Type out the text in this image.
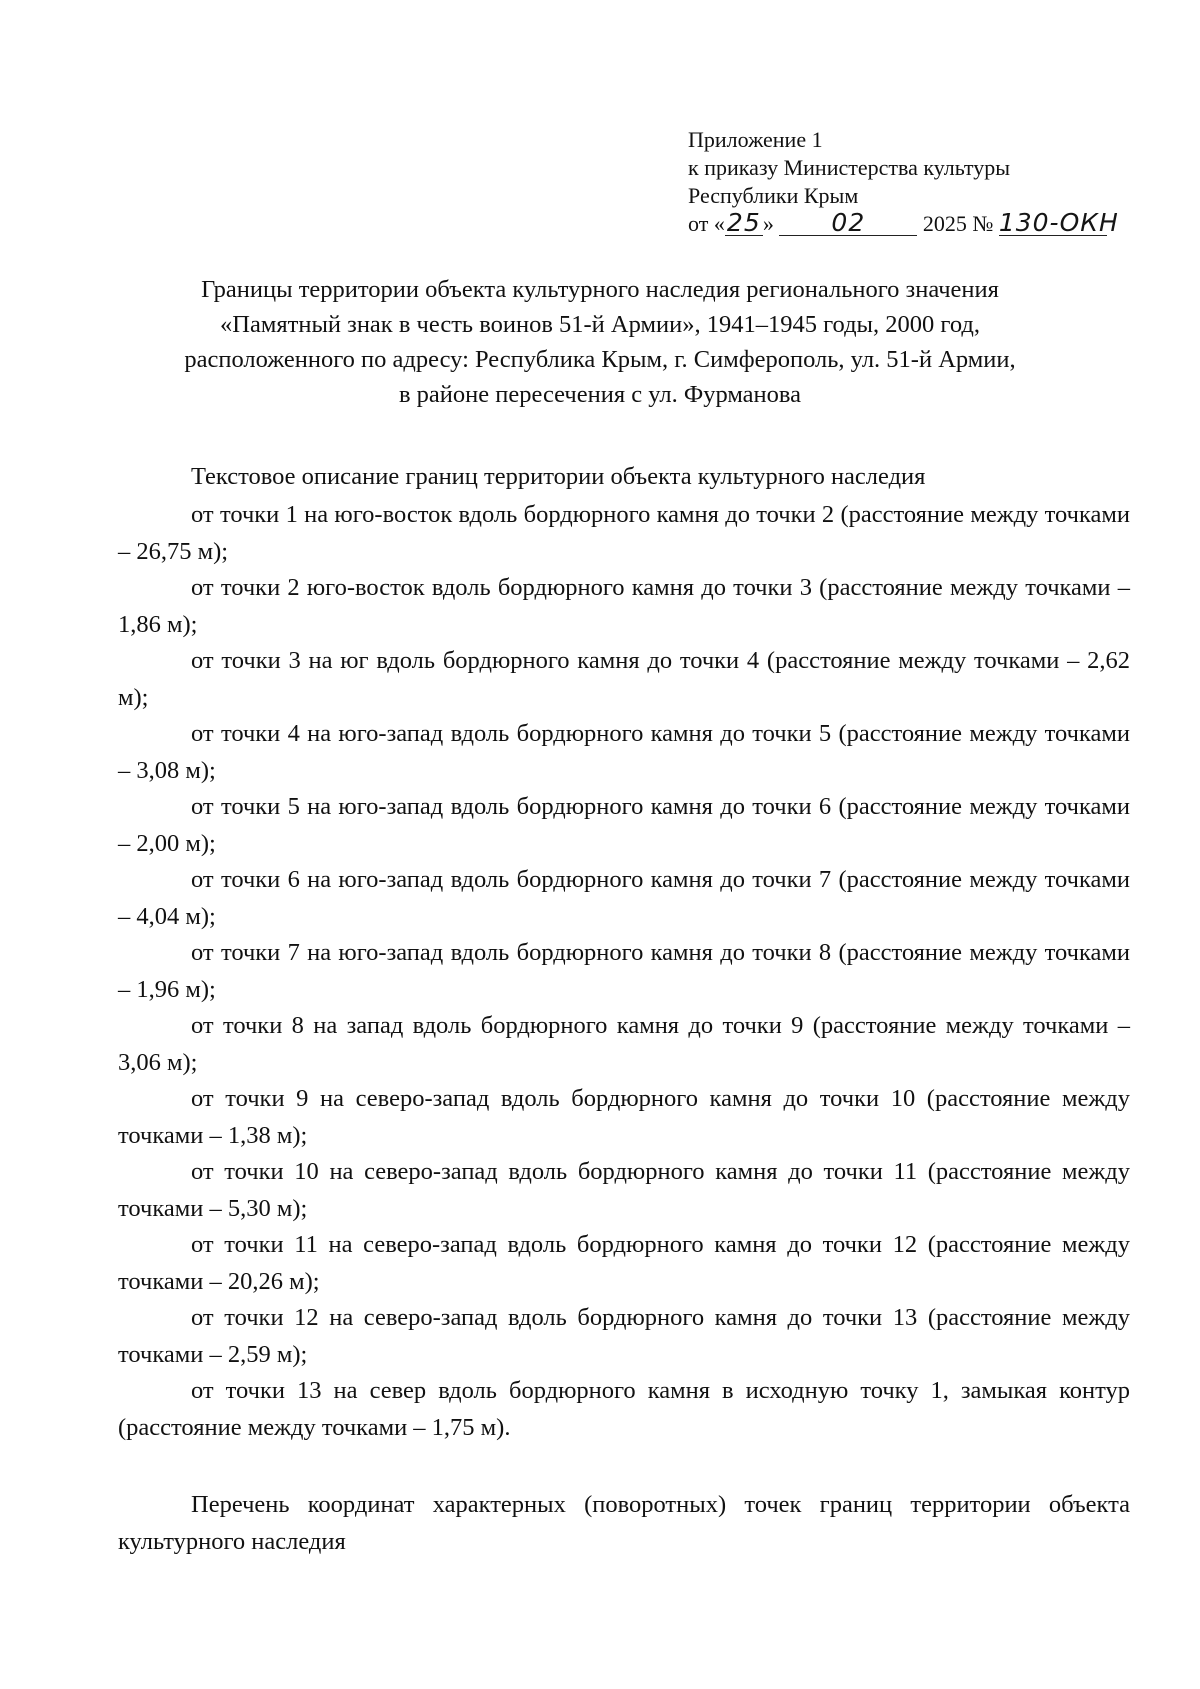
Приложение 1
к приказу Министерства культуры
Республики Крым
от «25» 02	2025 № 130-ОКН
Границы территории объекта культурного наследия регионального значения
«Памятный знак в честь воинов 51-й Армии», 1941–1945 годы, 2000 год,
расположенного по адресу: Республика Крым, г. Симферополь, ул. 51-й Армии,
в районе пересечения с ул. Фурманова
Текстовое описание границ территории объекта культурного наследия

от точки 1 на юго-восток вдоль бордюрного камня до точки 2 (расстояние между точками – 26,75 м);

от точки 2 юго-восток вдоль бордюрного камня до точки 3 (расстояние между точками – 1,86 м);

от точки 3 на юг вдоль бордюрного камня до точки 4 (расстояние между точками – 2,62 м);

от точки 4 на юго-запад вдоль бордюрного камня до точки 5 (расстояние между точками – 3,08 м);

от точки 5 на юго-запад вдоль бордюрного камня до точки 6 (расстояние между точками – 2,00 м);

от точки 6 на юго-запад вдоль бордюрного камня до точки 7 (расстояние между точками – 4,04 м);

от точки 7 на юго-запад вдоль бордюрного камня до точки 8 (расстояние между точками – 1,96 м);

от точки 8 на запад вдоль бордюрного камня до точки 9 (расстояние между точками – 3,06 м);

от точки 9 на северо-запад вдоль бордюрного камня до точки 10 (расстояние между точками – 1,38 м);

от точки 10 на северо-запад вдоль бордюрного камня до точки 11 (расстояние между точками – 5,30 м);

от точки 11 на северо-запад вдоль бордюрного камня до точки 12 (расстояние между точками – 20,26 м);

от точки 12 на северо-запад вдоль бордюрного камня до точки 13 (расстояние между точками – 2,59 м);

от точки 13 на север вдоль бордюрного камня в исходную точку 1, замыкая контур (расстояние между точками – 1,75 м).

Перечень координат характерных (поворотных) точек границ территории объекта культурного наследия
